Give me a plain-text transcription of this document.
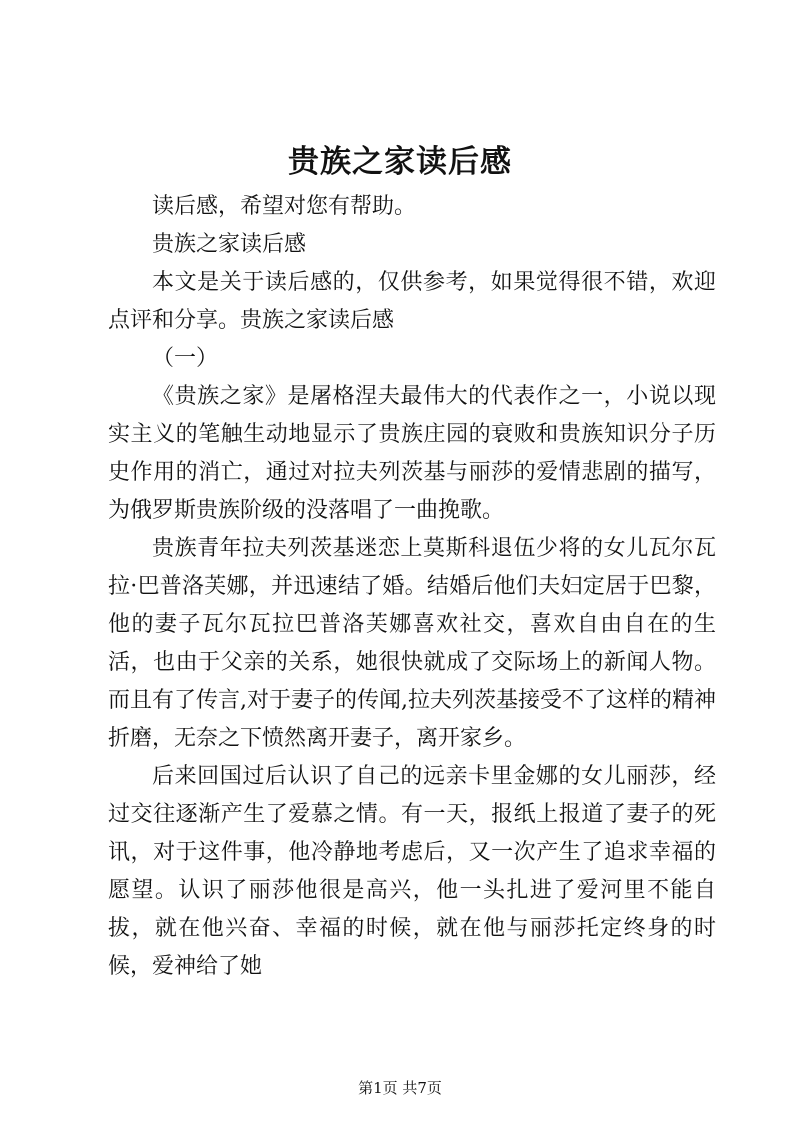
贵族之家读后感

读后感，希望对您有帮助。

贵族之家读后感

本文是关于读后感的，仅供参考，如果觉得很不错，欢迎点评和分享。贵族之家读后感

（一）

《贵族之家》是屠格涅夫最伟大的代表作之一，小说以现实主义的笔触生动地显示了贵族庄园的衰败和贵族知识分子历史作用的消亡，通过对拉夫列茨基与丽莎的爱情悲剧的描写，为俄罗斯贵族阶级的没落唱了一曲挽歌。

贵族青年拉夫列茨基迷恋上莫斯科退伍少将的女儿瓦尔瓦拉·巴普洛芙娜，并迅速结了婚。结婚后他们夫妇定居于巴黎，他的妻子瓦尔瓦拉巴普洛芙娜喜欢社交，喜欢自由自在的生活，也由于父亲的关系，她很快就成了交际场上的新闻人物。而且有了传言,对于妻子的传闻,拉夫列茨基接受不了这样的精神折磨，无奈之下愤然离开妻子，离开家乡。

后来回国过后认识了自己的远亲卡里金娜的女儿丽莎，经过交往逐渐产生了爱慕之情。有一天，报纸上报道了妻子的死讯，对于这件事，他冷静地考虑后，又一次产生了追求幸福的愿望。认识了丽莎他很是高兴，他一头扎进了爱河里不能自拔，就在他兴奋、幸福的时候，就在他与丽莎托定终身的时候，爱神给了她

第1页 共7页
